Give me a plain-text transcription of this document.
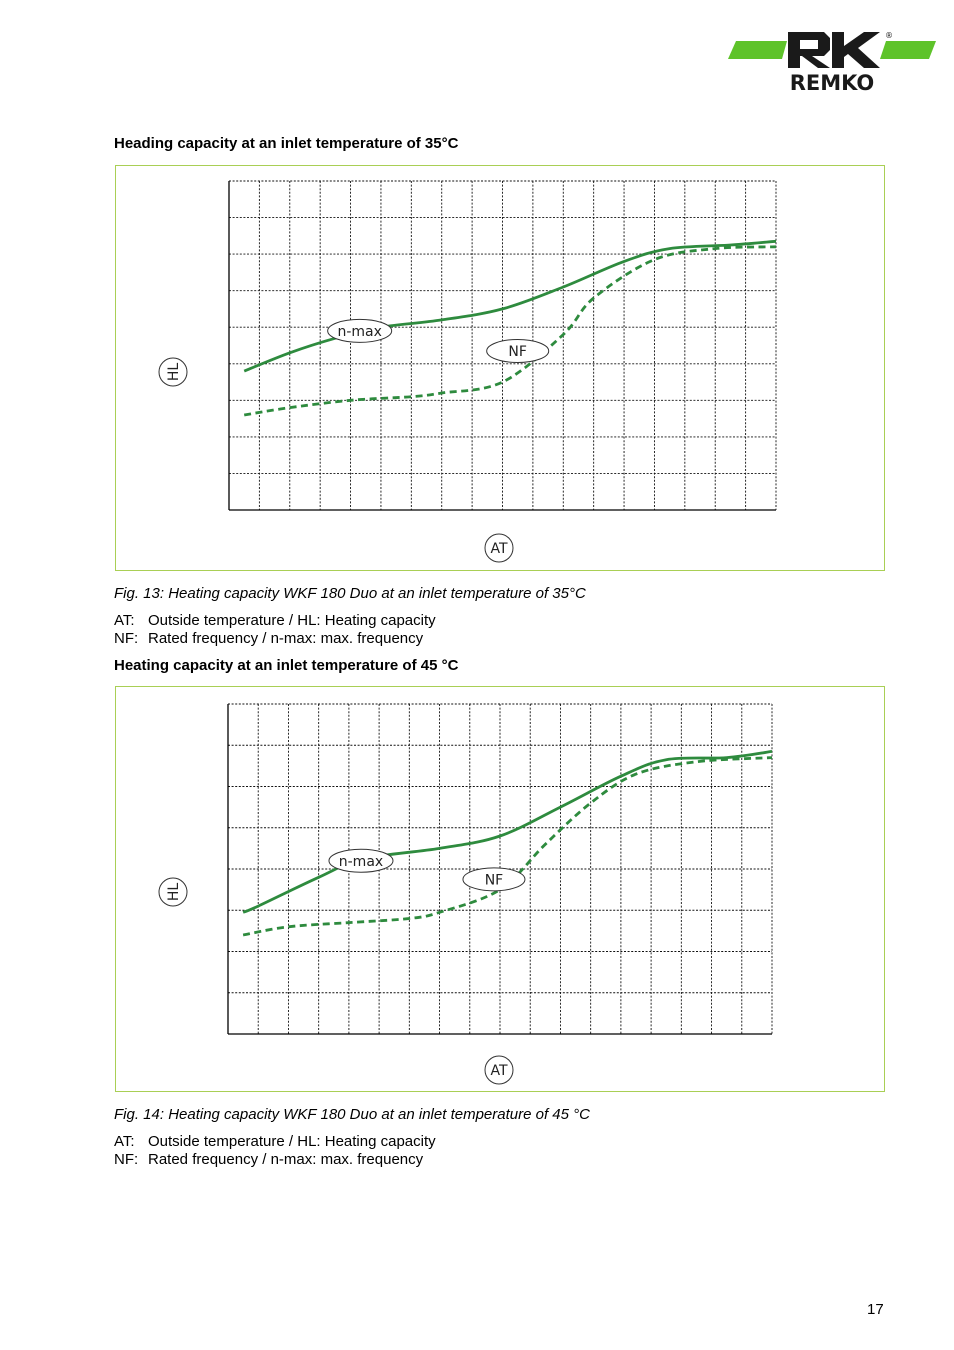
®
REMKO
Heading capacity at an inlet temperature of 35°C
n-max
NF
AT
HL
Fig. 13: Heating capacity WKF 180 Duo at an inlet temperature of 35°C
AT: Outside temperature / HL: Heating capacity
NF: Rated frequency / n-max: max. frequency
Heating capacity at an inlet temperature of 45 °C
n-max
NF
AT
HL
Fig. 14: Heating capacity WKF 180 Duo at an inlet temperature of 45 °C
AT: Outside temperature / HL: Heating capacity
NF: Rated frequency / n-max: max. frequency
17
